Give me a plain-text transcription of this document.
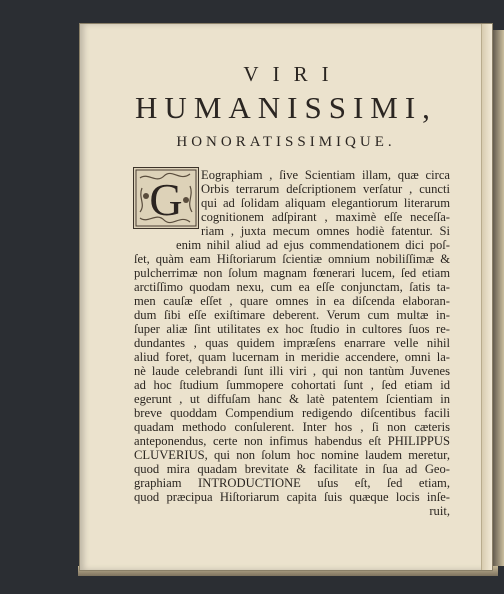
VIRI
HUMANISSIMI,
HONORATISSIMIQUE.
G Eographiam , ſive Scientiam illam, quæ circa
Orbis terrarum deſcriptionem verſatur , cuncti
qui ad ſolidam aliquam elegantiorum literarum
cognitionem adſpirant , maximè eſſe neceſſa-
riam , juxta mecum omnes hodiè fatentur. Si
enim nihil aliud ad ejus commendationem dici poſ-
ſet, quàm eam Hiſtoriarum ſcientiæ omnium nobiliſſimæ &
pulcherrimæ non ſolum magnam fœnerari lucem, ſed etiam
arctiſſimo quodam nexu, cum ea eſſe conjunctam, ſatis ta-
men cauſæ eſſet , quare omnes in ea diſcenda elaboran-
dum ſibi eſſe exiſtimare deberent. Verum cum multæ in-
ſuper aliæ ſint utilitates ex hoc ſtudio in cultores ſuos re-
dundantes , quas quidem impræſens enarrare velle nihil
aliud foret, quam lucernam in meridie accendere, omni la-
nè laude celebrandi ſunt illi viri , qui non tantùm Juvenes
ad hoc ſtudium ſummopere cohortati ſunt , ſed etiam id
egerunt , ut diffuſam hanc & latè patentem ſcientiam in
breve quoddam Compendium redigendo diſcentibus facili
quadam methodo conſulerent. Inter hos , ſi non cæteris
anteponendus, certe non infimus habendus eſt PHILIPPUS
CLUVERIUS, qui non ſolum hoc nomine laudem meretur,
quod mira quadam brevitate & facilitate in ſua ad Geo-
graphiam INTRODUCTIONE uſus eſt, ſed etiam,
quod præcipua Hiſtoriarum capita ſuis quæque locis inſe-
ruit,
